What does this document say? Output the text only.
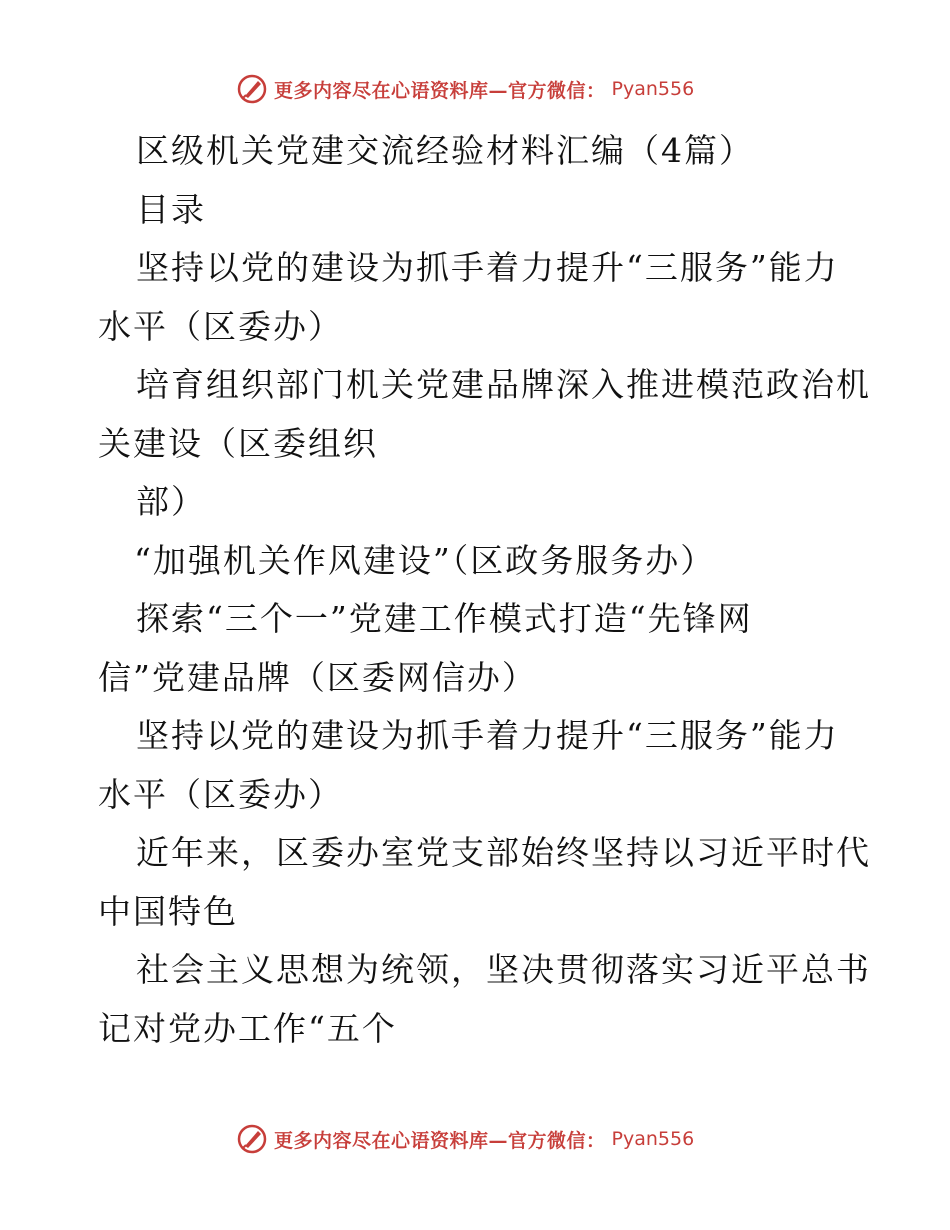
更多内容尽在心语资料库—官方微信： Pyan556
区级机关党建交流经验材料汇编（4篇）
目录
坚持以党的建设为抓手着力提升“三服务”能力
水平（区委办）
培育组织部门机关党建品牌深入推进模范政治机
关建设（区委组织
部）
“加强机关作风建设”（区政务服务办）
探索“三个一”党建工作模式打造“先锋网
信”党建品牌（区委网信办）
坚持以党的建设为抓手着力提升“三服务”能力
水平（区委办）
近年来，区委办室党支部始终坚持以习近平时代
中国特色
社会主义思想为统领，坚决贯彻落实习近平总书
记对党办工作“五个
更多内容尽在心语资料库—官方微信： Pyan556
